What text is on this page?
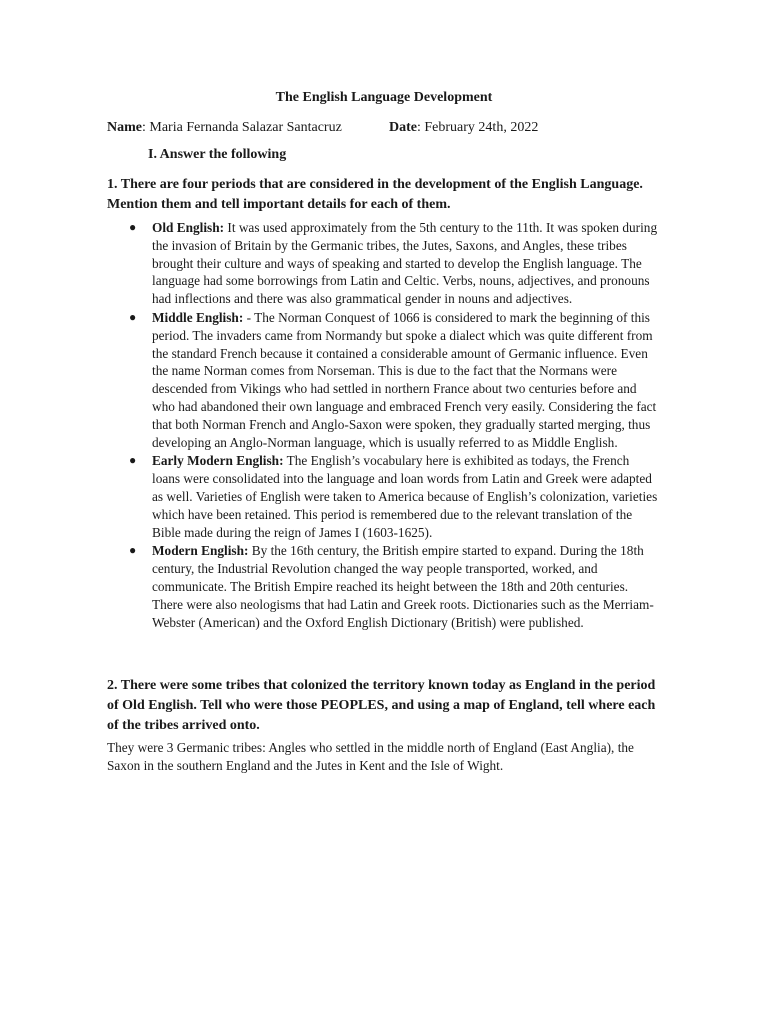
The English Language Development
Name: Maria Fernanda Salazar Santacruz	Date: February 24th, 2022
I. Answer the following
1. There are four periods that are considered in the development of the English Language. Mention them and tell important details for each of them.
● Old English: It was used approximately from the 5th century to the 11th. It was spoken during the invasion of Britain by the Germanic tribes, the Jutes, Saxons, and Angles, these tribes brought their culture and ways of speaking and started to develop the English language. The language had some borrowings from Latin and Celtic. Verbs, nouns, adjectives, and pronouns had inflections and there was also grammatical gender in nouns and adjectives.
● Middle English: - The Norman Conquest of 1066 is considered to mark the beginning of this period. The invaders came from Normandy but spoke a dialect which was quite different from the standard French because it contained a considerable amount of Germanic influence. Even the name Norman comes from Norseman. This is due to the fact that the Normans were descended from Vikings who had settled in northern France about two centuries before and who had abandoned their own language and embraced French very easily. Considering the fact that both Norman French and Anglo-Saxon were spoken, they gradually started merging, thus developing an Anglo-Norman language, which is usually referred to as Middle English.
● Early Modern English: The English’s vocabulary here is exhibited as todays, the French loans were consolidated into the language and loan words from Latin and Greek were adapted as well. Varieties of English were taken to America because of English’s colonization, varieties which have been retained. This period is remembered due to the relevant translation of the Bible made during the reign of James I (1603-1625).
● Modern English: By the 16th century, the British empire started to expand. During the 18th century, the Industrial Revolution changed the way people transported, worked, and communicate. The British Empire reached its height between the 18th and 20th centuries. There were also neologisms that had Latin and Greek roots. Dictionaries such as the Merriam-Webster (American) and the Oxford English Dictionary (British) were published.
2. There were some tribes that colonized the territory known today as England in the period of Old English. Tell who were those PEOPLES, and using a map of England, tell where each of the tribes arrived onto.
They were 3 Germanic tribes: Angles who settled in the middle north of England (East Anglia), the Saxon in the southern England and the Jutes in Kent and the Isle of Wight.
